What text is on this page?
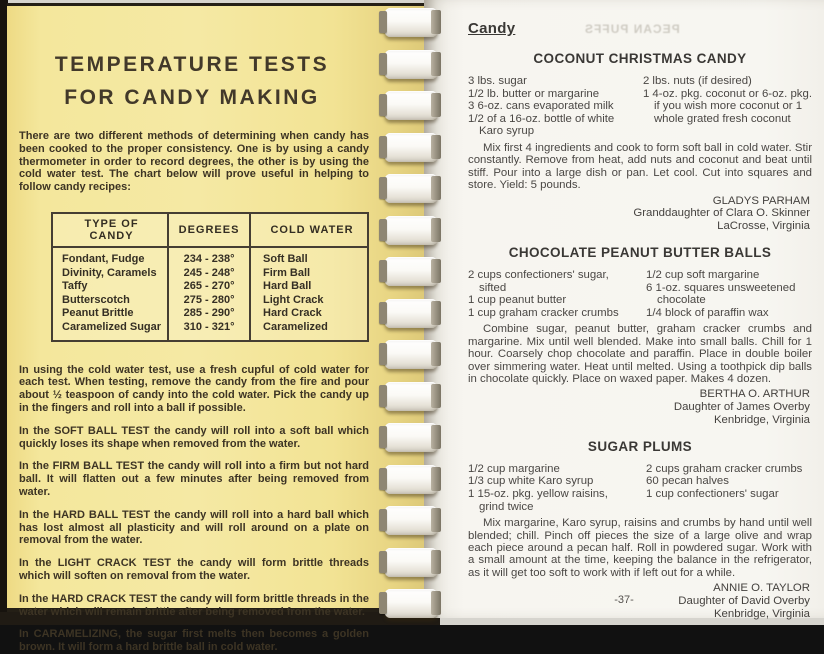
TEMPERATURE TESTS
FOR CANDY MAKING

There are two different methods of determining when candy has been cooked to the proper consistency. One is by using a candy thermometer in order to record degrees, the other is by using the cold water test. The chart below will prove useful in helping to follow candy recipes:

TYPE OF CANDY	DEGREES	COLD WATER
Fondant, Fudge	234 - 238°	Soft Ball
Divinity, Caramels	245 - 248°	Firm Ball
Taffy	265 - 270°	Hard Ball
Butterscotch	275 - 280°	Light Crack
Peanut Brittle	285 - 290°	Hard Crack
Caramelized Sugar	310 - 321°	Caramelized

In using the cold water test, use a fresh cupful of cold water for each test. When testing, remove the candy from the fire and pour about ½ teaspoon of candy into the cold water. Pick the candy up in the fingers and roll into a ball if possible.

In the SOFT BALL TEST the candy will roll into a soft ball which quickly loses its shape when removed from the water.

In the FIRM BALL TEST the candy will roll into a firm but not hard ball. It will flatten out a few minutes after being removed from water.

In the HARD BALL TEST the candy will roll into a hard ball which has lost almost all plasticity and will roll around on a plate on removal from the water.

In the LIGHT CRACK TEST the candy will form brittle threads which will soften on removal from the water.

In the HARD CRACK TEST the candy will form brittle threads in the water which will remain brittle after being removed from the water.

In CARAMELIZING, the sugar first melts then becomes a golden brown. It will form a hard brittle ball in cold water.

PECAN PUFFS
Candy
COCONUT CHRISTMAS CANDY
3 lbs. sugar
1/2 lb. butter or margarine
3 6-oz. cans evaporated milk
1/2 of a 16-oz. bottle of white
Karo syrup
2 lbs. nuts (if desired)
1 4-oz. pkg. coconut or 6-oz. pkg.
if you wish more coconut or 1
whole grated fresh coconut

Mix first 4 ingredients and cook to form soft ball in cold water. Stir constantly. Remove from heat, add nuts and coconut and beat until stiff. Pour into a large dish or pan. Let cool. Cut into squares and store. Yield: 5 pounds.

GLADYS PARHAM
Granddaughter of Clara O. Skinner
LaCrosse, Virginia
CHOCOLATE PEANUT BUTTER BALLS
2 cups confectioners' sugar,
sifted
1 cup peanut butter
1 cup graham cracker crumbs
1/2 cup soft margarine
6 1-oz. squares unsweetened
chocolate
1/4 block of paraffin wax

Combine sugar, peanut butter, graham cracker crumbs and margarine. Mix until well blended. Make into small balls. Chill for 1 hour. Coarsely chop chocolate and paraffin. Place in double boiler over simmering water. Heat until melted. Using a toothpick dip balls in chocolate quickly. Place on waxed paper. Makes 4 dozen.

BERTHA O. ARTHUR
Daughter of James Overby
Kenbridge, Virginia
SUGAR PLUMS
1/2 cup margarine
1/3 cup white Karo syrup
1 15-oz. pkg. yellow raisins,
grind twice
2 cups graham cracker crumbs
60 pecan halves
1 cup confectioners' sugar

Mix margarine, Karo syrup, raisins and crumbs by hand until well blended; chill. Pinch off pieces the size of a large olive and wrap each piece around a pecan half. Roll in powdered sugar. Work with a small amount at the time, keeping the balance in the refrigerator, as it will get too soft to work with if left out for a while.

ANNIE O. TAYLOR
Daughter of David Overby
Kenbridge, Virginia
-37-
